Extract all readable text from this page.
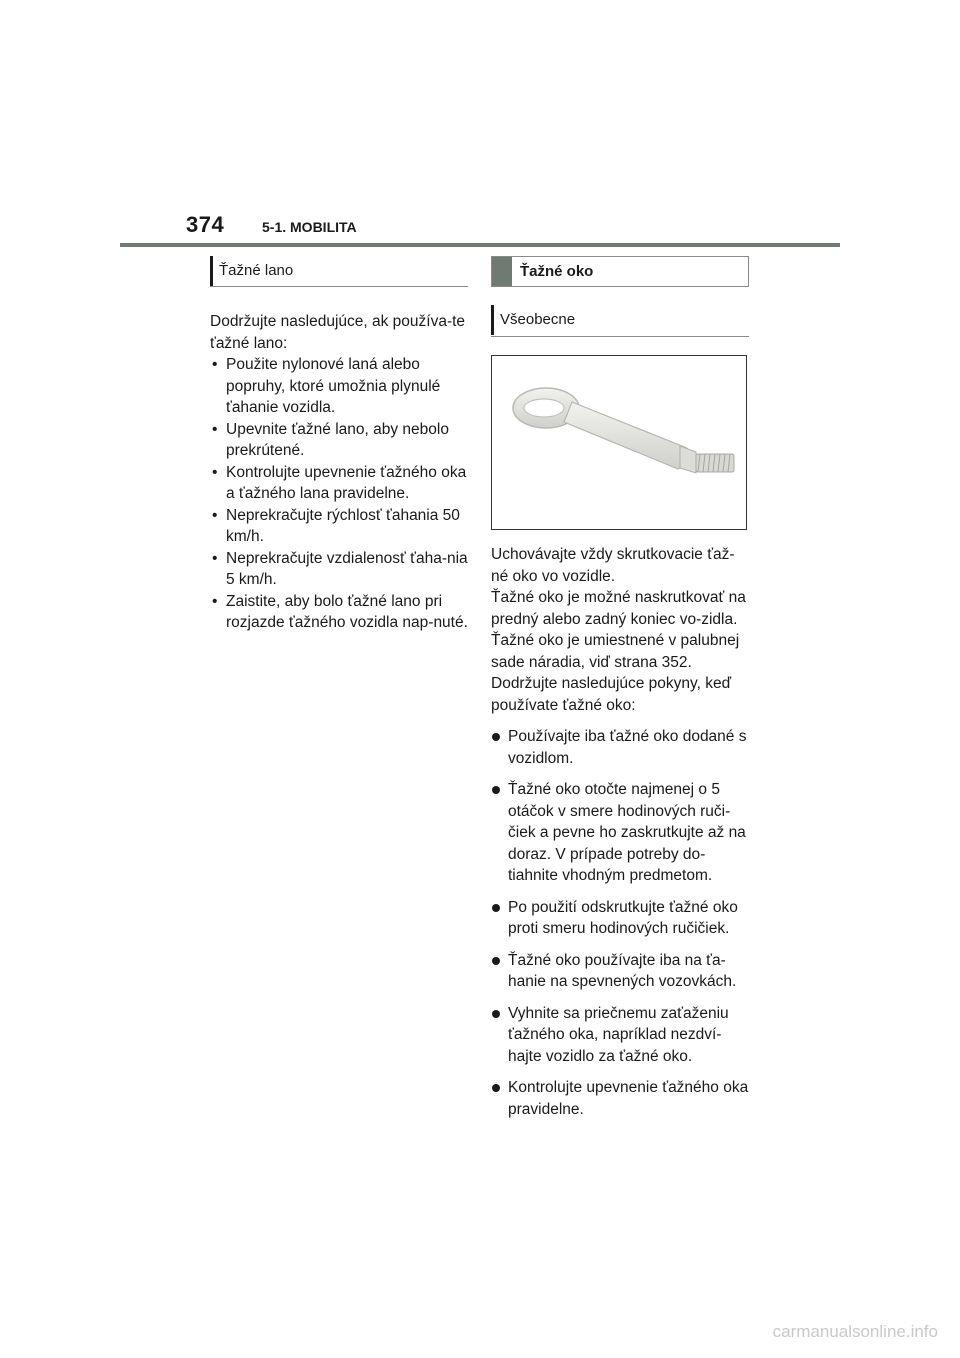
374	5-1. MOBILITA
Ťažné lano

Dodržujte nasledujúce, ak používa-te ťažné lano:

• Použite nylonové laná alebo popruhy, ktoré umožnia plynulé ťahanie vozidla.
• Upevnite ťažné lano, aby nebolo prekrútené.
• Kontrolujte upevnenie ťažného oka a ťažného lana pravidelne.
• Neprekračujte rýchlosť ťahania 50 km/h.
• Neprekračujte vzdialenosť ťaha-nia 5 km/h.
• Zaistite, aby bolo ťažné lano pri rozjazde ťažného vozidla nap-nuté.
Ťažné oko
Všeobecne

Uchovávajte vždy skrutkovacie ťaž-né oko vo vozidle.

Ťažné oko je možné naskrutkovať na predný alebo zadný koniec vo-zidla.

Ťažné oko je umiestnené v palubnej sade náradia, viď strana 352.

Dodržujte nasledujúce pokyny, keď používate ťažné oko:

Používajte iba ťažné oko dodané s vozidlom.
Ťažné oko otočte najmenej o 5 otáčok v smere hodinových ruči-čiek a pevne ho zaskrutkujte až na doraz. V prípade potreby do-tiahnite vhodným predmetom.
Po použití odskrutkujte ťažné oko proti smeru hodinových ručičiek.
Ťažné oko používajte iba na ťa-hanie na spevnených vozovkách.
Vyhnite sa priečnemu zaťaženiu ťažného oka, napríklad nezdví-hajte vozidlo za ťažné oko.
Kontrolujte upevnenie ťažného oka pravidelne.
carmanualsonline.info
